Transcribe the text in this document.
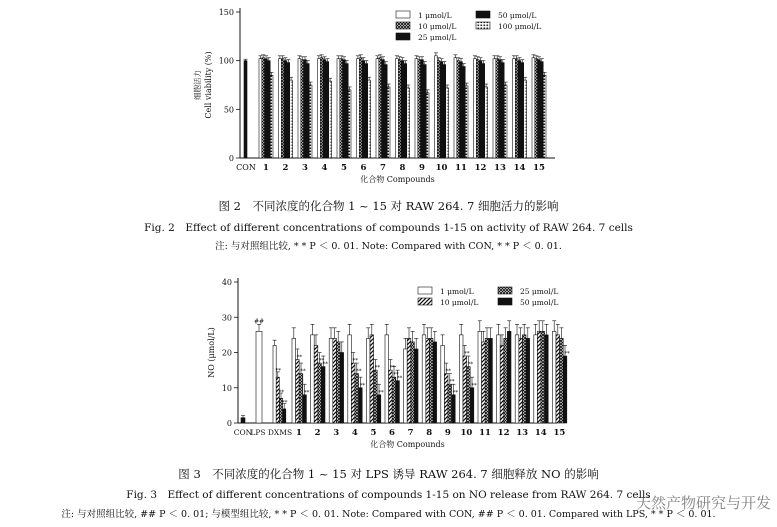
0
50
100
150
细胞活力 Cell viability (%)
CON
**
1
**
2
**
3
**
4
**
5
**
6
**
7
**
8
**
9
**
10
**
11
**
12
**
13
**
14
**
15
化合物 Compounds
1 μmol/L
10 μmol/L
25 μmol/L
50 μmol/L
100 μmol/L
图 2　不同浓度的化合物 1 ~ 15 对 RAW 264. 7 细胞活力的影响
Fig. 2　Effect of different concentrations of compounds 1-15 on activity of RAW 264. 7 cells
注: 与对照组比较, * * P ＜ 0. 01. Note: Compared with CON, * * P ＜ 0. 01.
0
10
20
30
40
NO (μmol/L)
CON
##
LPS
**
**
**
DXMS
**
**
**
1
**
**
2 3
**
**
**
4
**
**
5
**
**
**
6 7 8
**
**
**
9
**
**
**
10 11 12 13 14
**
15
化合物 Compounds
1 μmol/L
10 μmol/L
25 μmol/L
50 μmol/L
图 3　不同浓度的化合物 1 ~ 15 对 LPS 诱导 RAW 264. 7 细胞释放 NO 的影响
Fig. 3　Effect of different concentrations of compounds 1-15 on NO release from RAW 264. 7 cells
注: 与对照组比较, ## P ＜ 0. 01; 与模型组比较, * * P ＜ 0. 01. Note: Compared with CON, ## P ＜ 0. 01. Compared with LPS, * * P ＜ 0. 01.
天然产物研究与开发
